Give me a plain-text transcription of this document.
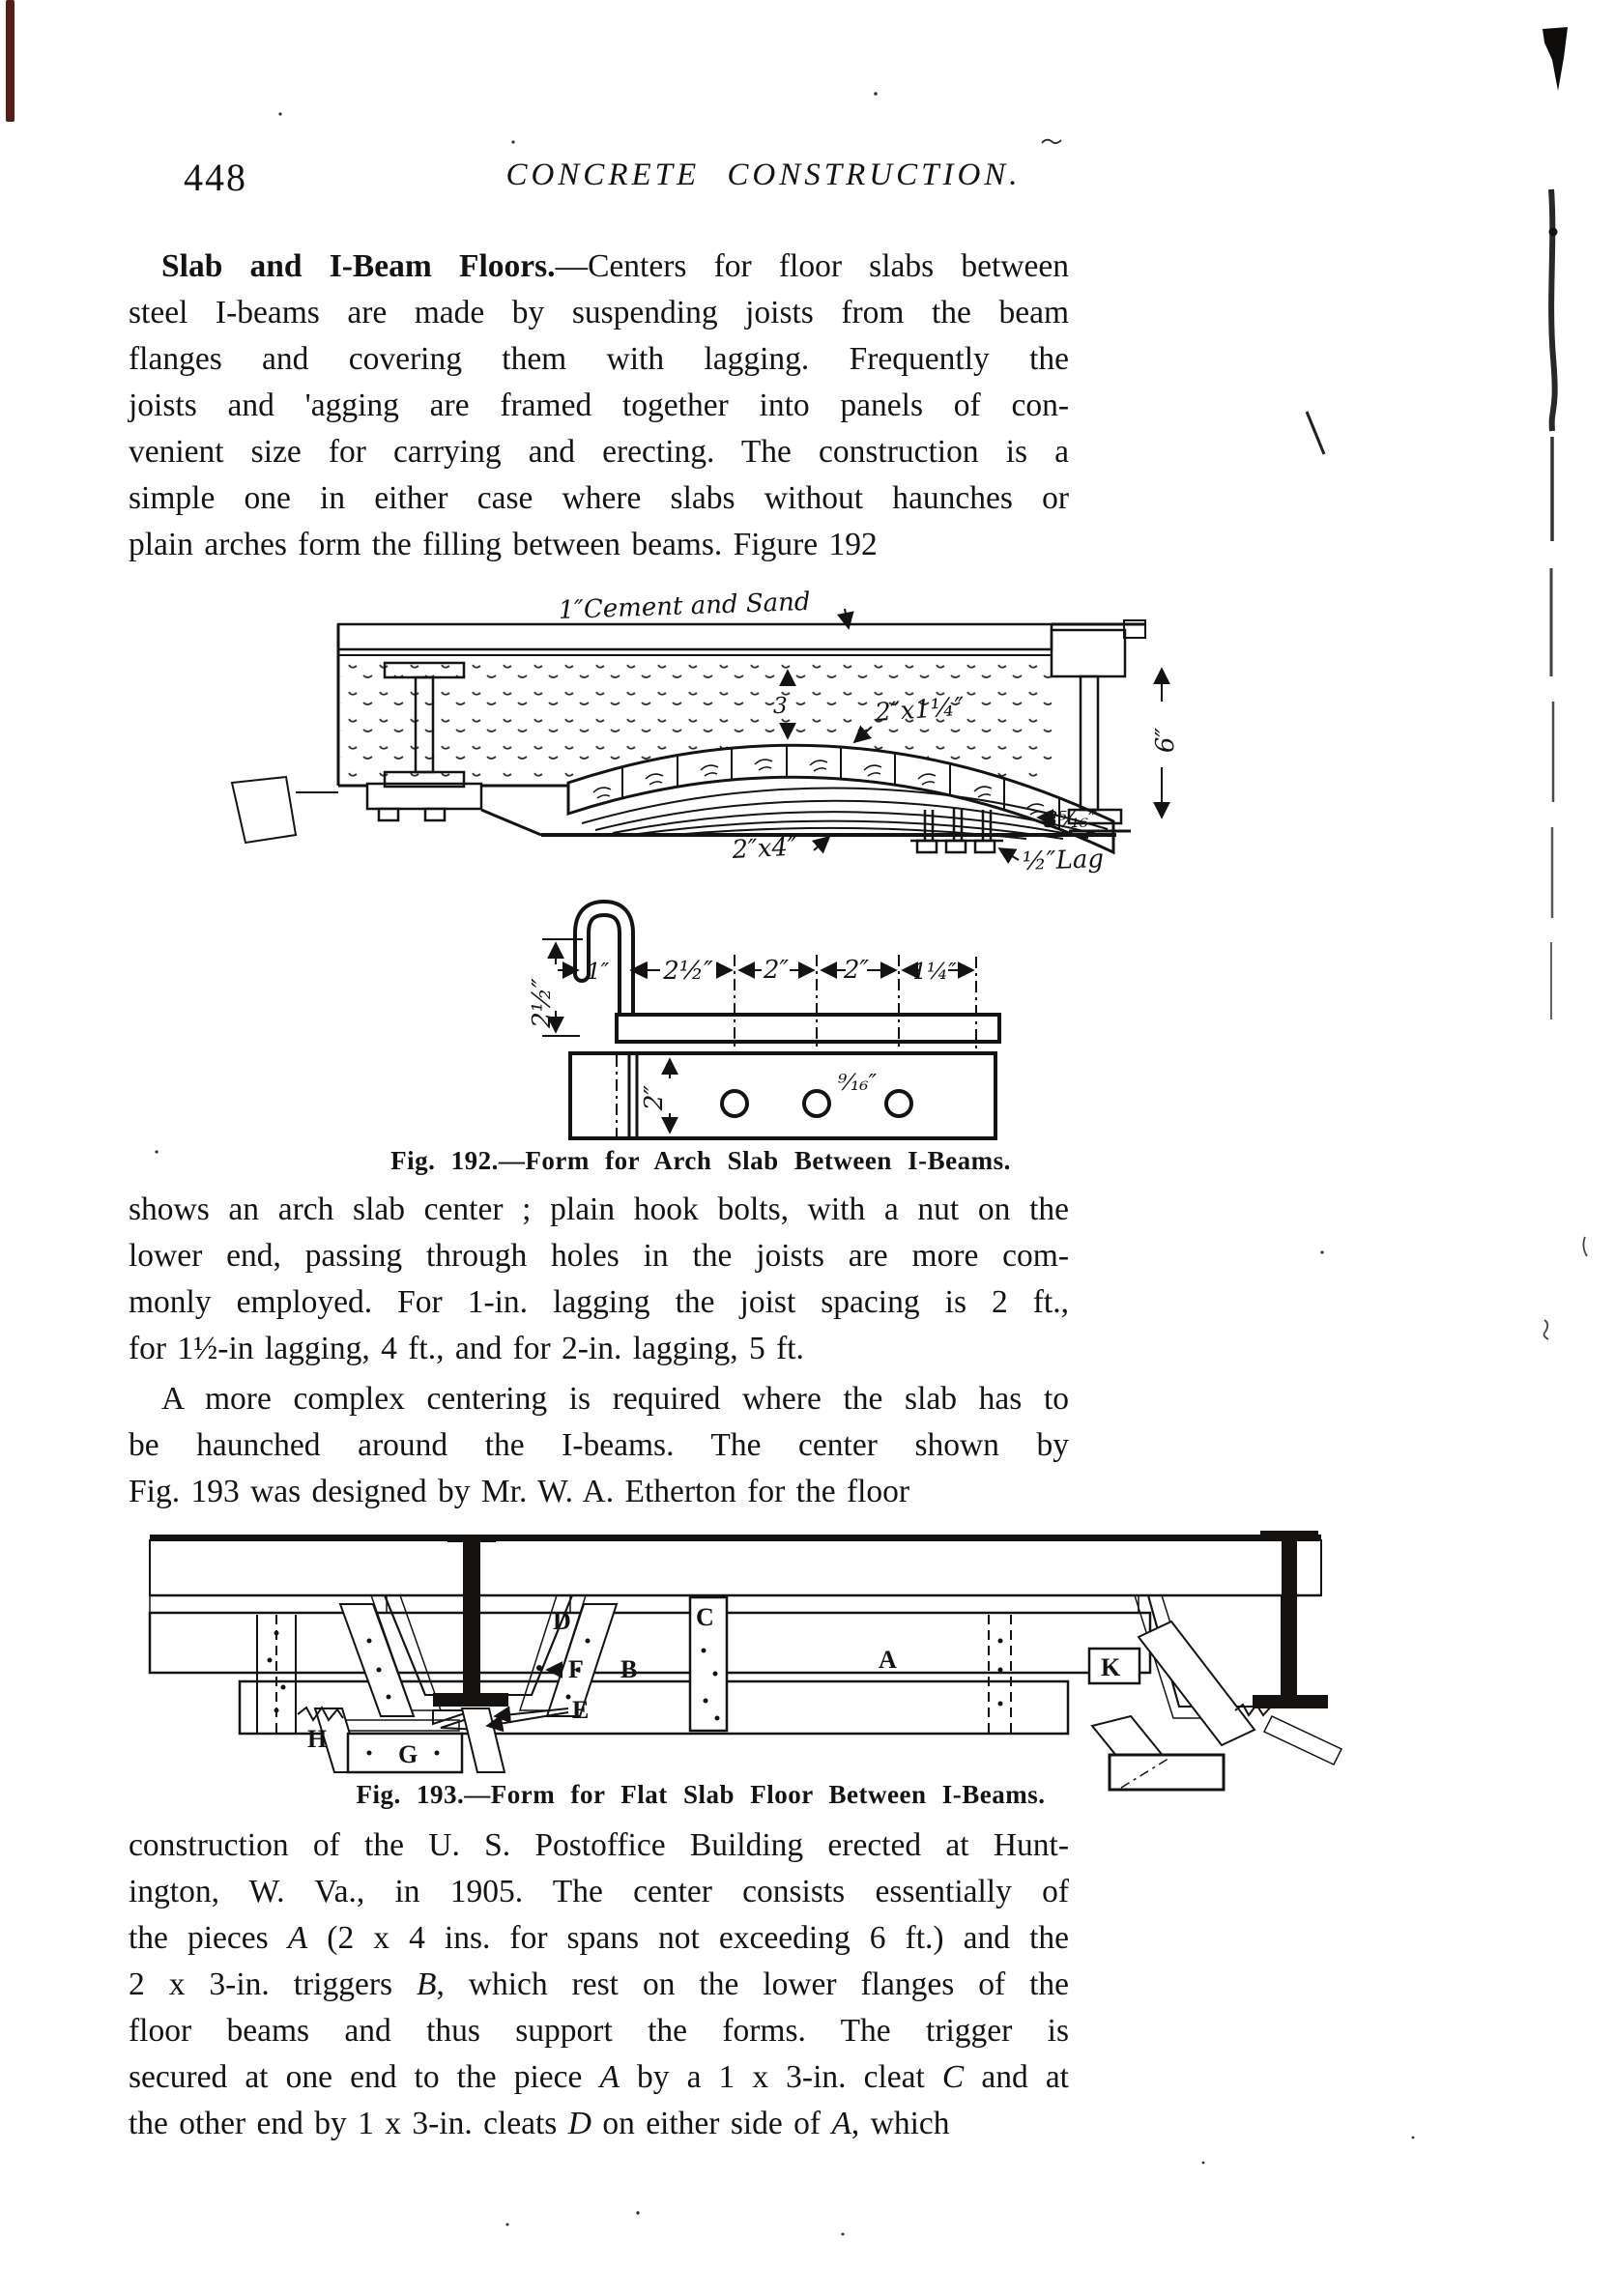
448	CONCRETE CONSTRUCTION.
Slab and I-Beam Floors.—Centers for floor slabs between
steel I-beams are made by suspending joists from the beam
flanges and covering them with lagging. Frequently the
joists and 'agging are framed together into panels of con-
venient size for carrying and erecting. The construction is a
simple one in either case where slabs without haunches or
plain arches form the filling between beams. Figure 192
1″Cement and Sand
3	2″x1¼″
6″
2″x4″
3⁵⁄₁₆″
½″Lag
2½″
1″ 2½″ 2″ 2″ 1¼″
2″
⁹⁄₁₆″
Fig. 192.—Form for Arch Slab Between I-Beams.
shows an arch slab center ; plain hook bolts, with a nut on the
lower end, passing through holes in the joists are more com-
monly employed. For 1-in. lagging the joist spacing is 2 ft.,
for 1½-in lagging, 4 ft., and for 2-in. lagging, 5 ft.
A more complex centering is required where the slab has to
be haunched around the I-beams. The center shown by
Fig. 193 was designed by Mr. W. A. Etherton for the floor
D	C
A
B
F
E
H
G
K
Fig. 193.—Form for Flat Slab Floor Between I-Beams.
construction of the U. S. Postoffice Building erected at Hunt-
ington, W. Va., in 1905. The center consists essentially of
the pieces A (2 x 4 ins. for spans not exceeding 6 ft.) and the
2 x 3-in. triggers B, which rest on the lower flanges of the
floor beams and thus support the forms. The trigger is
secured at one end to the piece A by a 1 x 3-in. cleat C and at
the other end by 1 x 3-in. cleats D on either side of A, which
